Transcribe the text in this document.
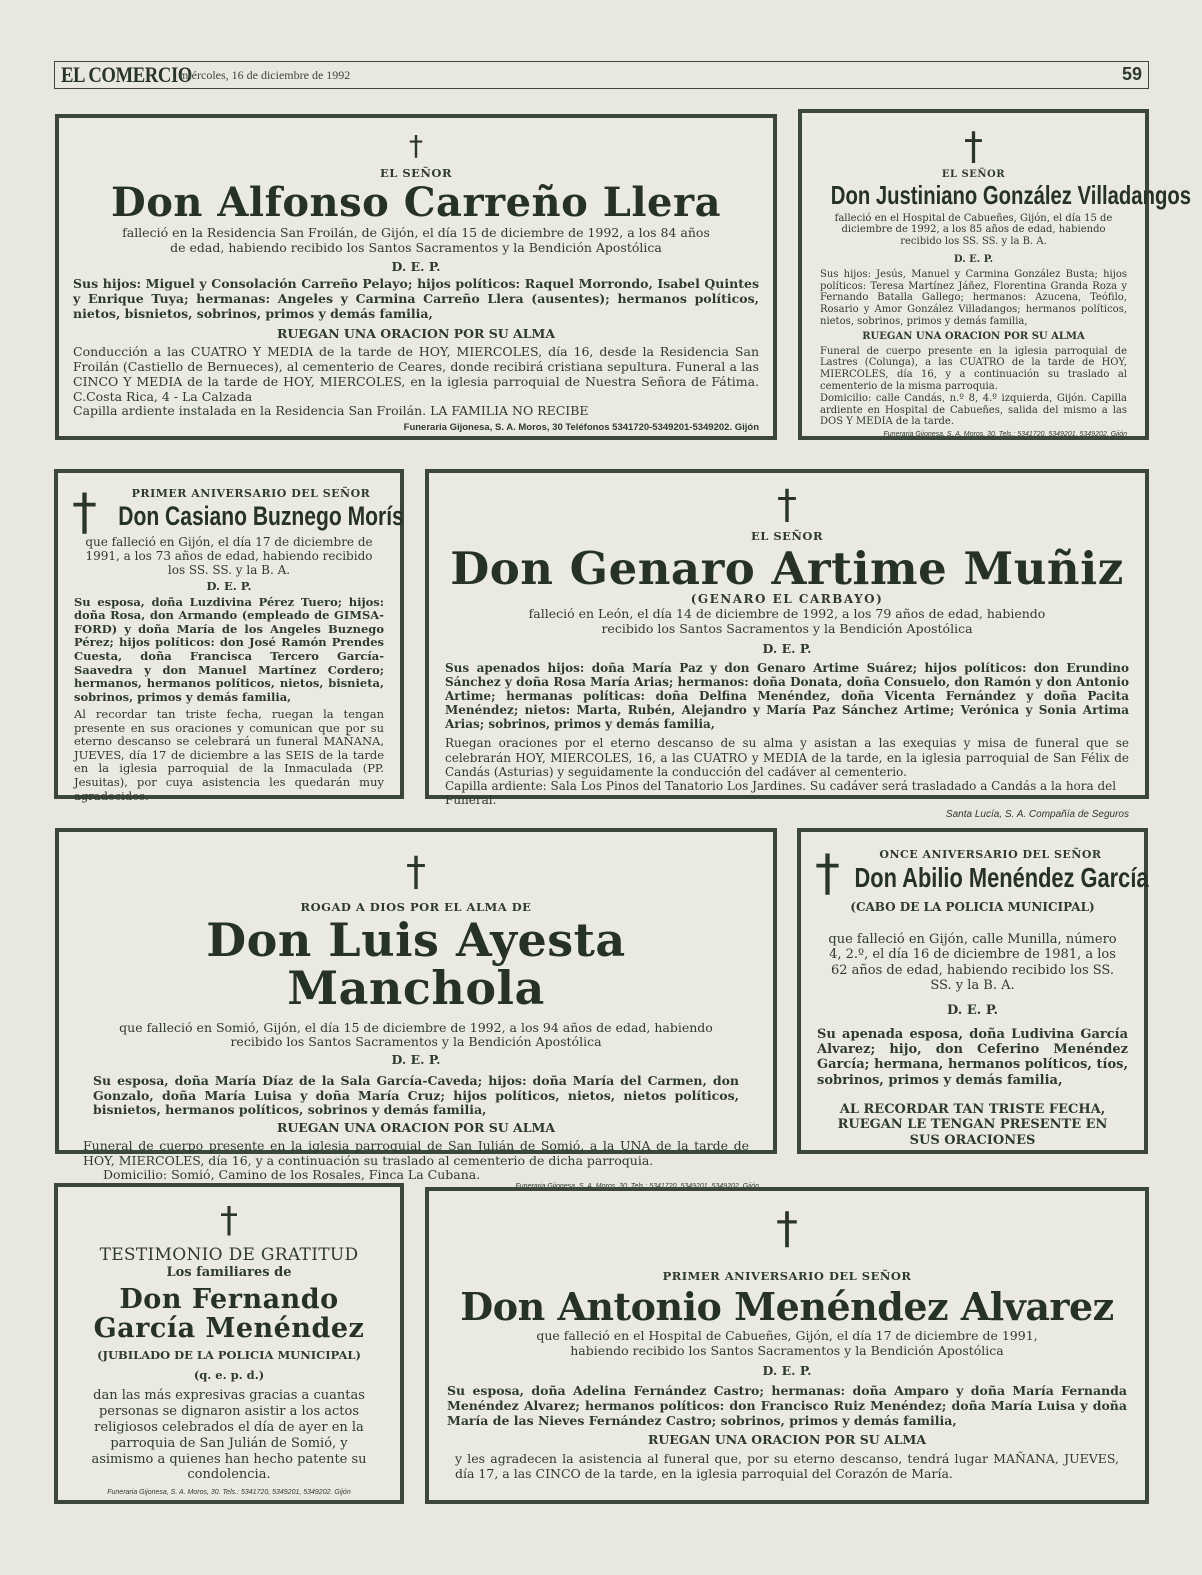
EL COMERCIO
, miércoles, 16 de diciembre de 1992	59

†

EL SEÑOR

Don Alfonso Carreño Llera

falleció en la Residencia San Froilán, de Gijón, el día 15 de diciembre de 1992, a los 84 años de edad, habiendo recibido los Santos Sacramentos y la Bendición Apostólica

D. E. P.

Sus hijos: Miguel y Consolación Carreño Pelayo; hijos políticos: Raquel Morrondo, Isabel Quintes y Enrique Tuya; hermanas: Angeles y Carmina Carreño Llera (ausentes); hermanos políticos, nietos, bisnietos, sobrinos, primos y demás familia,

RUEGAN UNA ORACION POR SU ALMA

Conducción a las CUATRO Y MEDIA de la tarde de HOY, MIERCOLES, día 16, desde la Residencia San Froilán (Castiello de Bernueces), al cementerio de Ceares, donde recibirá cristiana sepultura. Funeral a las CINCO Y MEDIA de la tarde de HOY, MIERCOLES, en la iglesia parroquial de Nuestra Señora de Fátima. C.Costa Rica, 4 - La Calzada

Capilla ardiente instalada en la Residencia San Froilán. LA FAMILIA NO RECIBE

Funeraria Gijonesa, S. A. Moros, 30 Teléfonos 5341720-5349201-5349202. Gijón

†

EL SEÑOR

Don Justiniano González Villadangos

falleció en el Hospital de Cabueñes, Gijón, el día 15 de diciembre de 1992, a los 85 años de edad, habiendo recibido los SS. SS. y la B. A.

D. E. P.

Sus hijos: Jesús, Manuel y Carmina González Busta; hijos políticos: Teresa Martínez Jáñez, Florentina Granda Roza y Fernando Batalla Gallego; hermanos: Azucena, Teófilo, Rosario y Amor González Villadangos; hermanos políticos, nietos, sobrinos, primos y demás familia,

RUEGAN UNA ORACION POR SU ALMA

Funeral de cuerpo presente en la iglesia parroquial de Lastres (Colunga), a las CUATRO de la tarde de HOY, MIERCOLES, día 16, y a continuación su traslado al cementerio de la misma parroquia.

Domicilio: calle Candás, n.º 8, 4.º izquierda, Gijón. Capilla ardiente en Hospital de Cabueñes, salida del mismo a las DOS Y MEDIA de la tarde.

Funeraria Gijonesa, S. A. Moros, 30. Tels.: 5341720, 5349201, 5349202. Gijón

†	PRIMER ANIVERSARIO DEL SEÑOR

Don Casiano Buznego Morís

que falleció en Gijón, el día 17 de diciembre de 1991, a los 73 años de edad, habiendo recibido los SS. SS. y la B. A.

D. E. P.

Su esposa, doña Luzdivina Pérez Tuero; hijos: doña Rosa, don Armando (empleado de GIMSA-FORD) y doña María de los Angeles Buznego Pérez; hijos políticos: don José Ramón Prendes Cuesta, doña Francisca Tercero García-Saavedra y don Manuel Martínez Cordero; hermanos, hermanos políticos, nietos, bisnieta, sobrinos, primos y demás familia,

Al recordar tan triste fecha, ruegan la tengan presente en sus oraciones y comunican que por su eterno descanso se celebrará un funeral MAÑANA, JUEVES, día 17 de diciembre a las SEIS de la tarde en la iglesia parroquial de la Inmaculada (PP. Jesuitas), por cuya asistencia les quedarán muy agradecidos.

†

EL SEÑOR

Don Genaro Artime Muñiz

(GENARO EL CARBAYO)

falleció en León, el día 14 de diciembre de 1992, a los 79 años de edad, habiendo recibido los Santos Sacramentos y la Bendición Apostólica

D. E. P.

Sus apenados hijos: doña María Paz y don Genaro Artime Suárez; hijos políticos: don Erundino Sánchez y doña Rosa María Arias; hermanos: doña Donata, doña Consuelo, don Ramón y don Antonio Artime; hermanas políticas: doña Delfina Menéndez, doña Vicenta Fernández y doña Pacita Menéndez; nietos: Marta, Rubén, Alejandro y María Paz Sánchez Artime; Verónica y Sonia Artima Arias; sobrinos, primos y demás familia,

Ruegan oraciones por el eterno descanso de su alma y asistan a las exequias y misa de funeral que se celebrarán HOY, MIERCOLES, 16, a las CUATRO y MEDIA de la tarde, en la iglesia parroquial de San Félix de Candás (Asturias) y seguidamente la conducción del cadáver al cementerio.

Capilla ardiente: Sala Los Pinos del Tanatorio Los Jardines. Su cadáver será trasladado a Candás a la hora del Funeral.

Santa Lucía, S. A. Compañía de Seguros

†

ROGAD A DIOS POR EL ALMA DE

Don Luis Ayesta Manchola

que falleció en Somió, Gijón, el día 15 de diciembre de 1992, a los 94 años de edad, habiendo recibido los Santos Sacramentos y la Bendición Apostólica

D. E. P.

Su esposa, doña María Díaz de la Sala García-Caveda; hijos: doña María del Carmen, don Gonzalo, doña María Luisa y doña María Cruz; hijos políticos, nietos, nietos políticos, bisnietos, hermanos políticos, sobrinos y demás familia,

RUEGAN UNA ORACION POR SU ALMA

Funeral de cuerpo presente en la iglesia parroquial de San Julián de Somió, a la UNA de la tarde de HOY, MIERCOLES, día 16, y a continuación su traslado al cementerio de dicha parroquia.

Domicilio: Somió, Camino de los Rosales, Finca La Cubana.

†	ONCE ANIVERSARIO DEL SEÑOR

Don Abilio Menéndez García

(CABO DE LA POLICIA MUNICIPAL)

que falleció en Gijón, calle Munilla, número 4, 2.º, el día 16 de diciembre de 1981, a los 62 años de edad, habiendo recibido los SS. SS. y la B. A.

D. E. P.

Su apenada esposa, doña Ludivina García Alvarez; hijo, don Ceferino Menéndez García; hermana, hermanos políticos, tíos, sobrinos, primos y demás familia,

AL RECORDAR TAN TRISTE FECHA, RUEGAN LE TENGAN PRESENTE EN SUS ORACIONES

†

TESTIMONIO DE GRATITUD

Los familiares de

Don Fernando

García Menéndez

(JUBILADO DE LA POLICIA MUNICIPAL)

(q. e. p. d.)

dan las más expresivas gracias a cuantas personas se dignaron asistir a los actos religiosos celebrados el día de ayer en la parroquia de San Julián de Somió, y asimismo a quienes han hecho patente su condolencia.

Funeraria Gijonesa, S. A. Moros, 30. Tels.: 5341720, 5349201, 5349202. Gijón

†

PRIMER ANIVERSARIO DEL SEÑOR

Don Antonio Menéndez Alvarez

que falleció en el Hospital de Cabueñes, Gijón, el día 17 de diciembre de 1991, habiendo recibido los Santos Sacramentos y la Bendición Apostólica

D. E. P.

Su esposa, doña Adelina Fernández Castro; hermanas: doña Amparo y doña María Fernanda Menéndez Alvarez; hermanos políticos: don Francisco Ruiz Menéndez; doña María Luisa y doña María de las Nieves Fernández Castro; sobrinos, primos y demás familia,

RUEGAN UNA ORACION POR SU ALMA

y les agradecen la asistencia al funeral que, por su eterno descanso, tendrá lugar MAÑANA, JUEVES, día 17, a las CINCO de la tarde, en la iglesia parroquial del Corazón de María.
